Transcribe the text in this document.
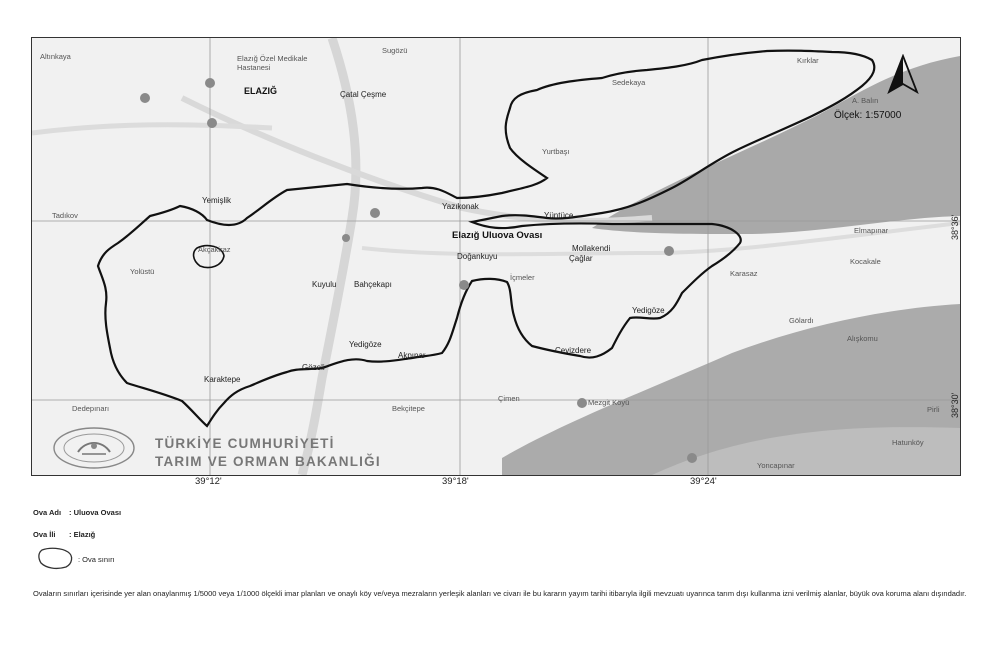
Ölçek: 1:57000
Elazığ Uluova Ovası
Altınkaya
Sugözü
Elazığ Özel Medikale Hastanesi
ELAZIĞ	Çatal Çeşme
Sedekaya
Kırklar
A. Balın
Yurtbaşı
Yemişlik
Yazıkonak
Yüntüce
Elmapınar
Tadıkov
Yolüstü
Akçakiraz
Doğankuyu
Mollakendi
Çağlar	Kocakale
Karasaz
Kuyulu Bahçekapı
İçmeler
Yedigöze
Gölardı
Alışkomu
Yedigöze
Akpınar
Cevizdere
Gözeli
Karaktepe
Dedepınarı	Bekçitepe
Çimen	Mezgit Köyü
Pirli
Hatunköy
Yoncapınar
TÜRKİYE CUMHURİYETİ
TARIM VE ORMAN BAKANLIĞI
39°12'	39°18'	39°24'
38°36'
38°30'
Ova Adı : Uluova Ovası
Ova İli : Elazığ
: Ova sınırı
Ovaların sınırları içerisinde yer alan onaylanmış 1/5000 veya 1/1000 ölçekli imar planları ve onaylı köy ve/veya mezraların yerleşik alanları ve civarı ile bu kararın yayım tarihi itibarıyla ilgili mevzuatı uyarınca tarım dışı kullanma izni verilmiş alanlar, büyük ova koruma alanı dışındadır.
